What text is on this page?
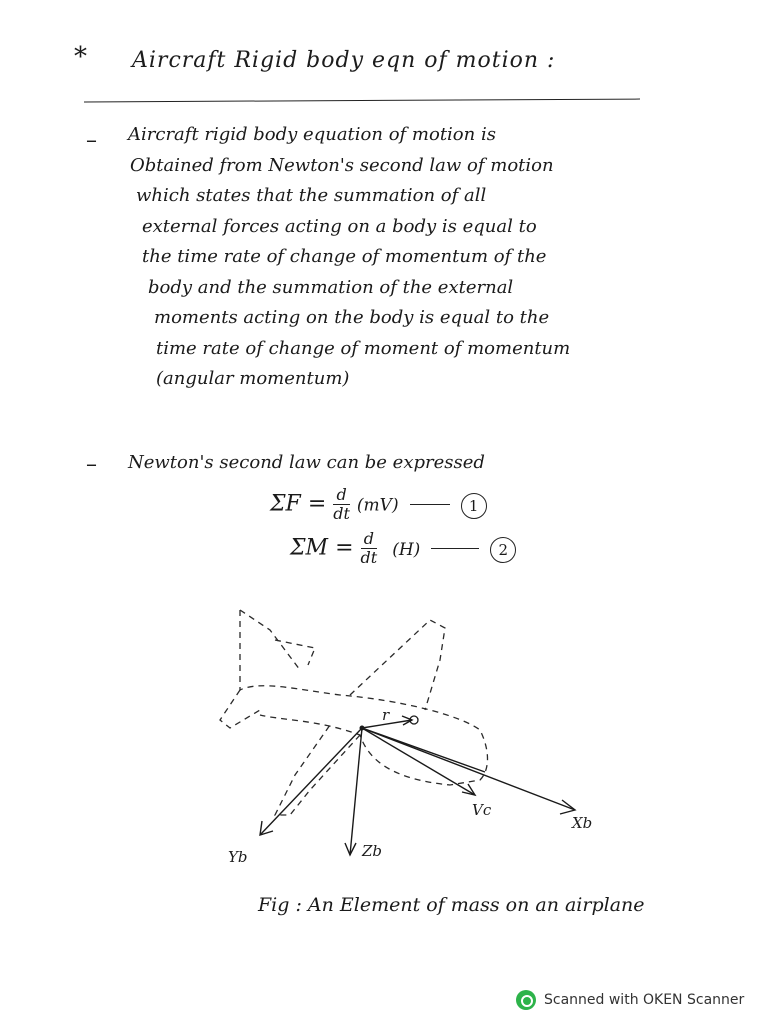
* Aircraft Rigid body eqn of motion :
– Aircraft rigid body equation of motion is
Obtained from Newton's second law of motion
which states that the summation of all
external forces acting on a body is equal to
the time rate of change of momentum of the
body and the summation of the external
moments acting on the body is equal to the
time rate of change of moment of momentum
(angular momentum)
– Newton's second law can be expressed
$\Sigma F = \frac{d}{dt} (mV)$	1
$\Sigma M = \frac{d}{dt} (H)$	2
r
Vc
Xb
Yb	Zb
Fig : An Element of mass on an airplane
Scanned with OKEN Scanner
